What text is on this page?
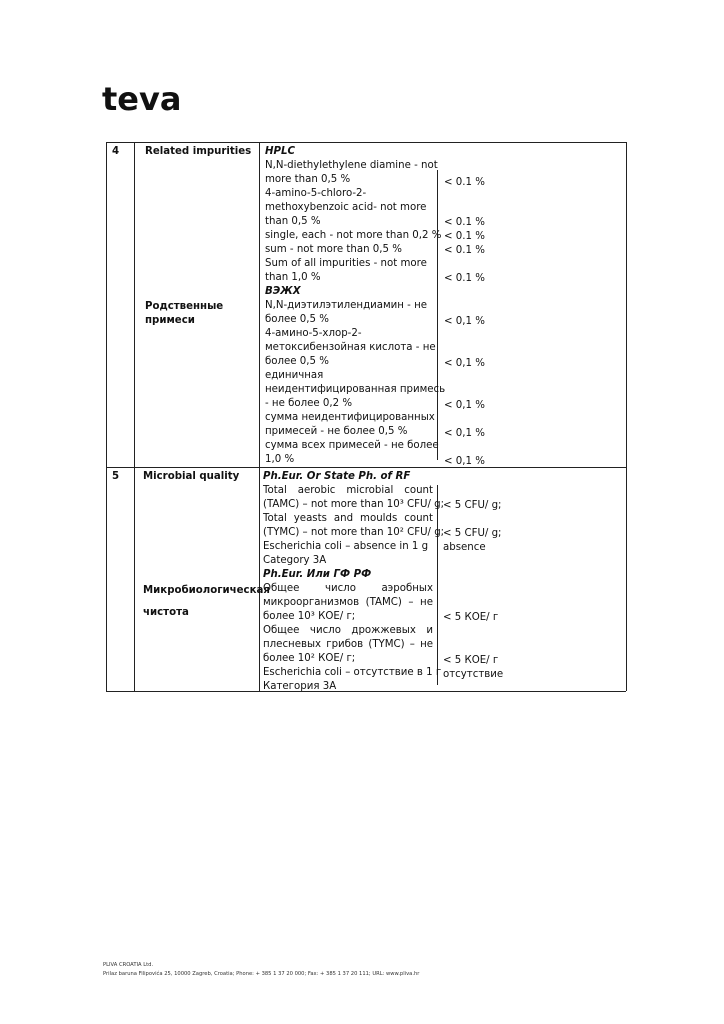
teva
4	Related impurities
Родственные
примеси
HPLC
N,N-diethylethylene diamine - not
more than 0,5 %
4-amino-5-chloro-2-
methoxybenzoic acid- not more
than 0,5 %
single, each - not more than 0,2 %
sum - not more than 0,5 %
Sum of all impurities - not more
than 1,0 %
ВЭЖХ
N,N-диэтилэтилендиамин - не
более 0,5 %
4-амино-5-хлор-2-
метоксибензойная кислота - не
более 0,5 %
единичная
неидентифицированная примесь
- не более 0,2 %
сумма неидентифицированных
примесей - не более 0,5 %
сумма всех примесей - не более
1,0 %
< 0.1 %
< 0.1 %
< 0.1 %
< 0.1 %
< 0.1 %
< 0,1 %
< 0,1 %
< 0,1 %
< 0,1 %
< 0,1 %
5 Microbial quality
Микробиологическая
чистота
Ph.Eur. Or State Ph. of RF
Total aerobic microbial count
(TAMC) – not more than 10³ CFU/ g;
Total yeasts and moulds count
(TYMC) – not more than 10² CFU/ g;
Escherichia coli – absence in 1 g
Category 3A
Ph.Eur. Или ГФ РФ
Общее число аэробных
микроорганизмов (TAMC) – не
более 10³ КОЕ/ г;
Общее число дрожжевых и
плесневых грибов (TYMC) – не
более 10² КОЕ/ г;
Escherichia coli – отсутствие в 1 г
Категория 3А
< 5 CFU/ g;
< 5 CFU/ g;
absence
< 5 КОЕ/ г
< 5 КОЕ/ г
отсутствие
PLIVA CROATIA Ltd.
Prilaz baruna Filipovića 25, 10000 Zagreb, Croatia; Phone: + 385 1 37 20 000; Fax: + 385 1 37 20 111; URL: www.pliva.hr
